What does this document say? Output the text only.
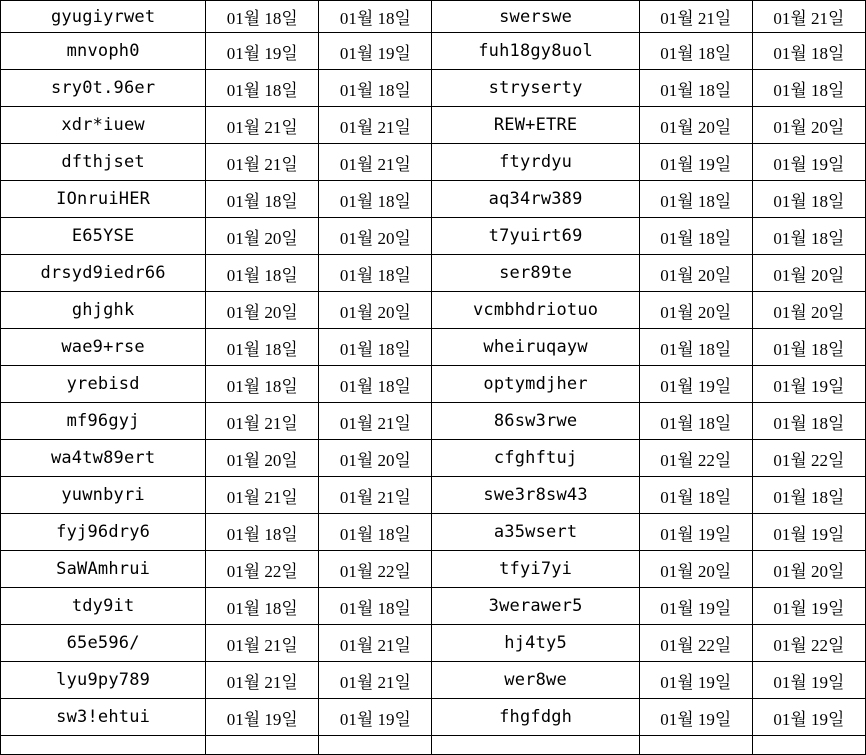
gyugiyrwet	01월 18일	01월 18일	swerswe	01월 21일	01월 21일
mnvoph0	01월 19일	01월 19일	fuh18gy8uol	01월 18일	01월 18일
sry0t.96er	01월 18일	01월 18일	stryserty	01월 18일	01월 18일
xdr*iuew	01월 21일	01월 21일	REW+ETRE	01월 20일	01월 20일
dfthjset	01월 21일	01월 21일	ftyrdyu	01월 19일	01월 19일
IOnruiHER	01월 18일	01월 18일	aq34rw389	01월 18일	01월 18일
E65YSE	01월 20일	01월 20일	t7yuirt69	01월 18일	01월 18일
drsyd9iedr66	01월 18일	01월 18일	ser89te	01월 20일	01월 20일
ghjghk	01월 20일	01월 20일	vcmbhdriotuo	01월 20일	01월 20일
wae9+rse	01월 18일	01월 18일	wheiruqayw	01월 18일	01월 18일
yrebisd	01월 18일	01월 18일	optymdjher	01월 19일	01월 19일
mf96gyj	01월 21일	01월 21일	86sw3rwe	01월 18일	01월 18일
wa4tw89ert	01월 20일	01월 20일	cfghftuj	01월 22일	01월 22일
yuwnbyri	01월 21일	01월 21일	swe3r8sw43	01월 18일	01월 18일
fyj96dry6	01월 18일	01월 18일	a35wsert	01월 19일	01월 19일
SaWAmhrui	01월 22일	01월 22일	tfyi7yi	01월 20일	01월 20일
tdy9it	01월 18일	01월 18일	3werawer5	01월 19일	01월 19일
65e596/	01월 21일	01월 21일	hj4ty5	01월 22일	01월 22일
lyu9py789	01월 21일	01월 21일	wer8we	01월 19일	01월 19일
sw3!ehtui	01월 19일	01월 19일	fhgfdgh	01월 19일	01월 19일
